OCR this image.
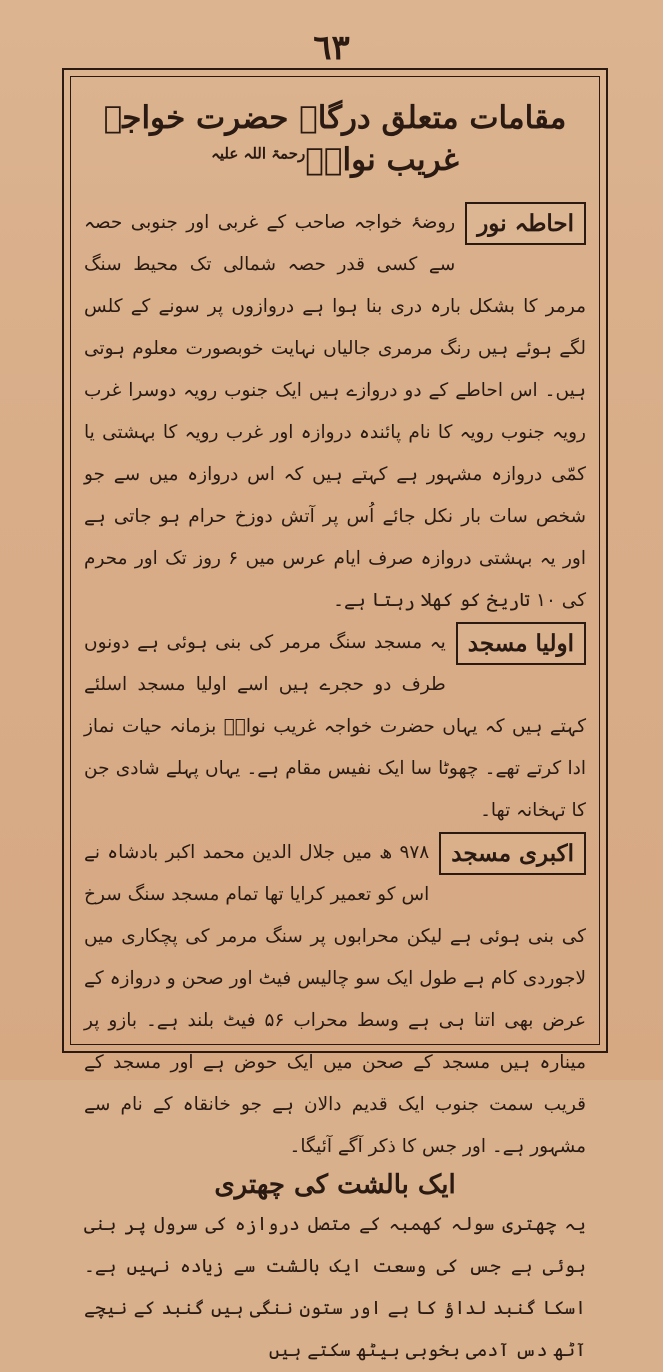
٦٣
مقامات متعلق درگاہ حضرت خواجہ غریب نوازؒ$^{رحمۃ اللہ علیہ}$
احاطہ نور
روضۂ خواجہ صاحب کے غربی اور جنوبی حصہ سے کسی قدر حصہ شمالی تک محیط سنگ مرمر کا بشکل بارہ دری بنا ہوا ہے دروازوں پر سونے کے کلس لگے ہوئے ہیں رنگ مرمری جالیاں نہایت خوبصورت معلوم ہوتی ہیں۔ اس احاطے کے دو دروازے ہیں ایک جنوب رویہ دوسرا غرب رویہ جنوب رویہ کا نام پائندہ دروازہ اور غرب رویہ کا بہشتی یا کمّی دروازہ مشہور ہے کہتے ہیں کہ اس دروازہ میں سے جو شخص سات بار نکل جائے اُس پر آتش دوزخ حرام ہو جاتی ہے اور یہ بہشتی دروازہ صرف ایام عرس میں ۶ روز تک اور محرم کی ۱۰ تاریخ کو کھلا رہتا ہے۔
اولیا مسجد
یہ مسجد سنگ مرمر کی بنی ہوئی ہے دونوں طرف دو حجرے ہیں اسے اولیا مسجد اسلئے کہتے ہیں کہ یہاں حضرت خواجہ غریب نوازؒ بزمانہ حیات نماز ادا کرتے تھے۔ چھوٹا سا ایک نفیس مقام ہے۔ یہاں پہلے شادی جن کا تہخانہ تھا۔
اکبری مسجد
۹۷۸ ھ میں جلال الدین محمد اکبر بادشاہ نے اس کو تعمیر کرایا تھا تمام مسجد سنگ سرخ کی بنی ہوئی ہے لیکن محرابوں پر سنگ مرمر کی پچکاری میں لاجوردی کام ہے طول ایک سو چالیس فیٹ اور صحن و دروازہ کے عرض بھی اتنا ہی ہے وسط محراب ۵۶ فیٹ بلند ہے۔ بازو پر مینارہ ہیں مسجد کے صحن میں ایک حوض ہے اور مسجد کے قریب سمت جنوب ایک قدیم دالان ہے جو خانقاہ کے نام سے مشہور ہے۔ اور جس کا ذکر آگے آئیگا۔
ایک بالشت کی چھتری
یہ چھتری سولہ کھمبہ کے متصل دروازہ کی سرول پر بنی ہوئی ہے جس کی وسعت ایک بالشت سے زیادہ نہیں ہے۔ اسکا گنبد لداؤ کا ہے اور ستون ننگی ہیں گنبد کے نیچے آٹھ دس آدمی بخوبی بیٹھ سکتے ہیں
